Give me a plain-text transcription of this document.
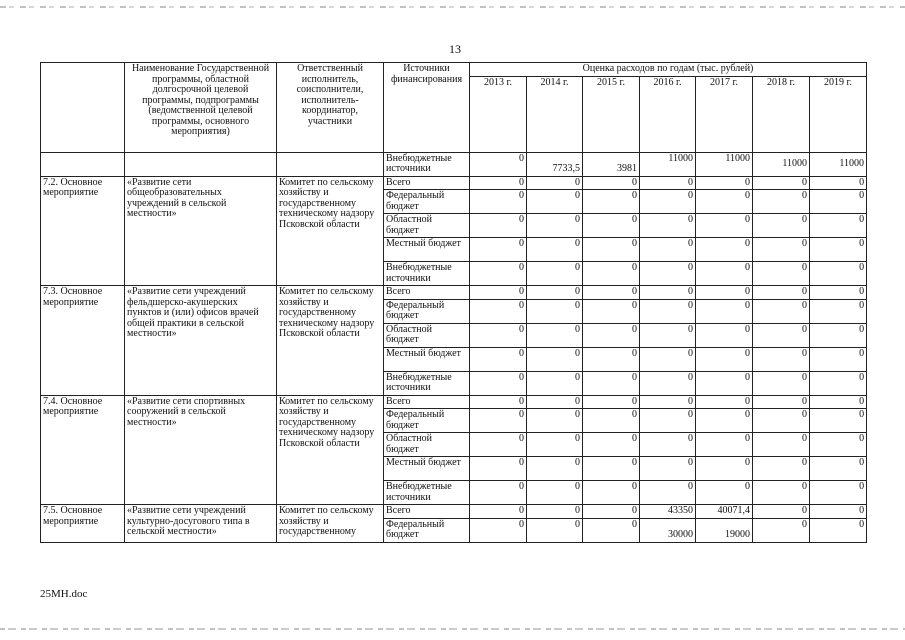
13
	Наименование Государственной программы, областной долгосрочной целевой программы, подпрограммы (ведомственной целевой программы, основного мероприятия)	Ответственный исполнитель, соисполнители, исполнитель-координатор, участники	Источники финансирования	Оценка расходов по годам (тыс. рублей)						
				2013 г.	2014 г.	2015 г.	2016 г.	2017 г.	2018 г.	2019 г.
			Внебюджетные источники	0	7733,5	3981	11000	11000	11000	11000
7.2. Основное мероприятие	«Развитие сети общеобразовательных учреждений в сельской местности»	Комитет по сельскому хозяйству и государственному техническому надзору Псковской области	Всего	0	0	0	0	0	0	0
			Федеральный бюджет	0	0	0	0	0	0	0
			Областной бюджет	0	0	0	0	0	0	0
			Местный бюджет	0	0	0	0	0	0	0
			Внебюджетные источники	0	0	0	0	0	0	0
7.3. Основное мероприятие	«Развитие сети учреждений фельдшерско-акушерских пунктов и (или) офисов врачей общей практики в сельской местности»	Комитет по сельскому хозяйству и государственному техническому надзору Псковской области	Всего	0	0	0	0	0	0	0
			Федеральный бюджет	0	0	0	0	0	0	0
			Областной бюджет	0	0	0	0	0	0	0
			Местный бюджет	0	0	0	0	0	0	0
			Внебюджетные источники	0	0	0	0	0	0	0
7.4. Основное мероприятие	«Развитие сети спортивных сооружений в сельской местности»	Комитет по сельскому хозяйству и государственному техническому надзору Псковской области	Всего	0	0	0	0	0	0	0
			Федеральный бюджет	0	0	0	0	0	0	0
			Областной бюджет	0	0	0	0	0	0	0
			Местный бюджет	0	0	0	0	0	0	0
			Внебюджетные источники	0	0	0	0	0	0	0
7.5. Основное мероприятие	«Развитие сети учреждений культурно-досугового типа в сельской местности»	Комитет по сельскому хозяйству и государственному	Всего	0	0	0	43350	40071,4	0	0
			Федеральный бюджет	0	0	0	30000	19000	0	0
25МН.doc
